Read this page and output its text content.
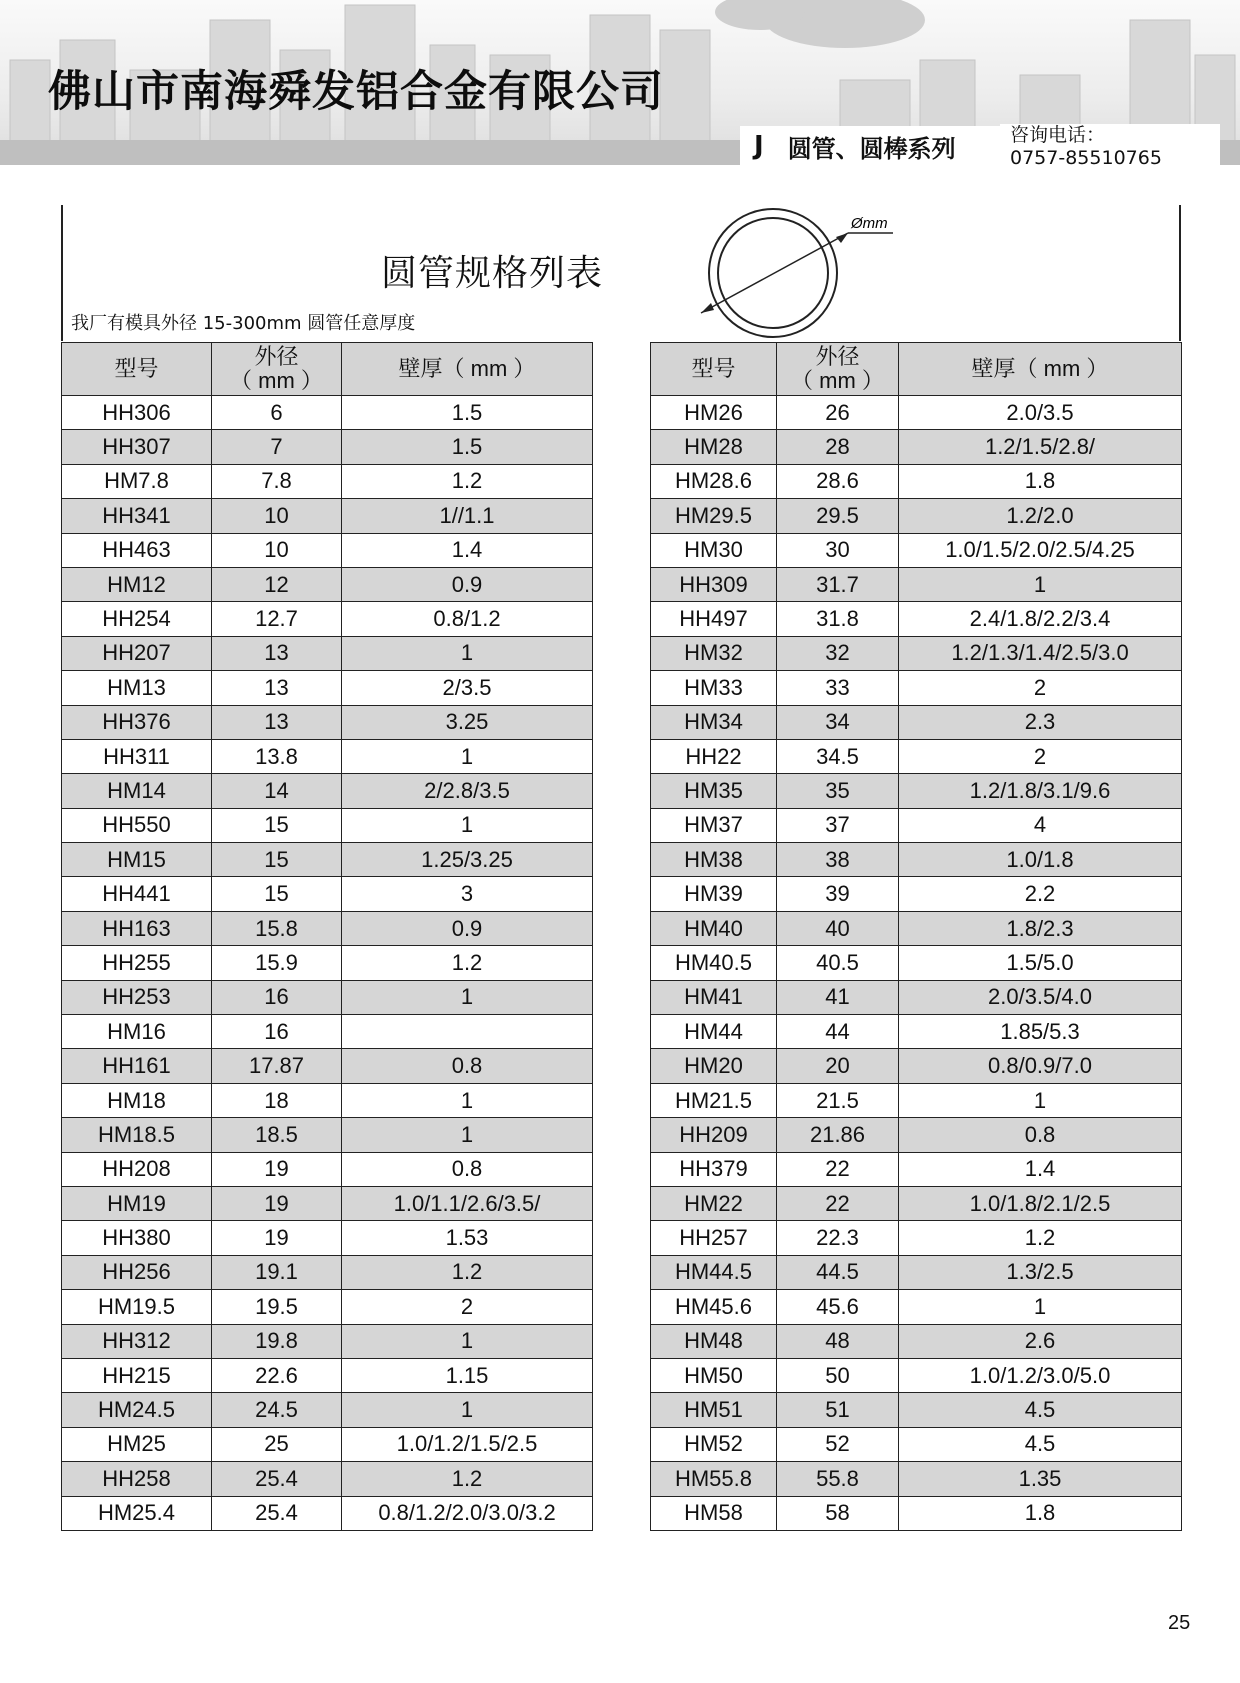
佛山市南海舜发铝合金有限公司
J 圆管、圆棒系列	咨询电话：
0757-85510765
圆管规格列表
我厂有模具外径 15-300mm 圆管任意厚度
Ømm
型号	外径
（ mm ）	壁厚（ mm ）
HH306	6	1.5
HH307	7	1.5
HM7.8	7.8	1.2
HH341	10	1//1.1
HH463	10	1.4
HM12	12	0.9
HH254	12.7	0.8/1.2
HH207	13	1
HM13	13	2/3.5
HH376	13	3.25
HH311	13.8	1
HM14	14	2/2.8/3.5
HH550	15	1
HM15	15	1.25/3.25
HH441	15	3
HH163	15.8	0.9
HH255	15.9	1.2
HH253	16	1
HM16	16	
HH161	17.87	0.8
HM18	18	1
HM18.5	18.5	1
HH208	19	0.8
HM19	19	1.0/1.1/2.6/3.5/
HH380	19	1.53
HH256	19.1	1.2
HM19.5	19.5	2
HH312	19.8	1
HH215	22.6	1.15
HM24.5	24.5	1
HM25	25	1.0/1.2/1.5/2.5
HH258	25.4	1.2
HM25.4	25.4	0.8/1.2/2.0/3.0/3.2
型号	外径
（ mm ）	壁厚（ mm ）
HM26	26	2.0/3.5
HM28	28	1.2/1.5/2.8/
HM28.6	28.6	1.8
HM29.5	29.5	1.2/2.0
HM30	30	1.0/1.5/2.0/2.5/4.25
HH309	31.7	1
HH497	31.8	2.4/1.8/2.2/3.4
HM32	32	1.2/1.3/1.4/2.5/3.0
HM33	33	2
HM34	34	2.3
HH22	34.5	2
HM35	35	1.2/1.8/3.1/9.6
HM37	37	4
HM38	38	1.0/1.8
HM39	39	2.2
HM40	40	1.8/2.3
HM40.5	40.5	1.5/5.0
HM41	41	2.0/3.5/4.0
HM44	44	1.85/5.3
HM20	20	0.8/0.9/7.0
HM21.5	21.5	1
HH209	21.86	0.8
HH379	22	1.4
HM22	22	1.0/1.8/2.1/2.5
HH257	22.3	1.2
HM44.5	44.5	1.3/2.5
HM45.6	45.6	1
HM48	48	2.6
HM50	50	1.0/1.2/3.0/5.0
HM51	51	4.5
HM52	52	4.5
HM55.8	55.8	1.35
HM58	58	1.8
25
